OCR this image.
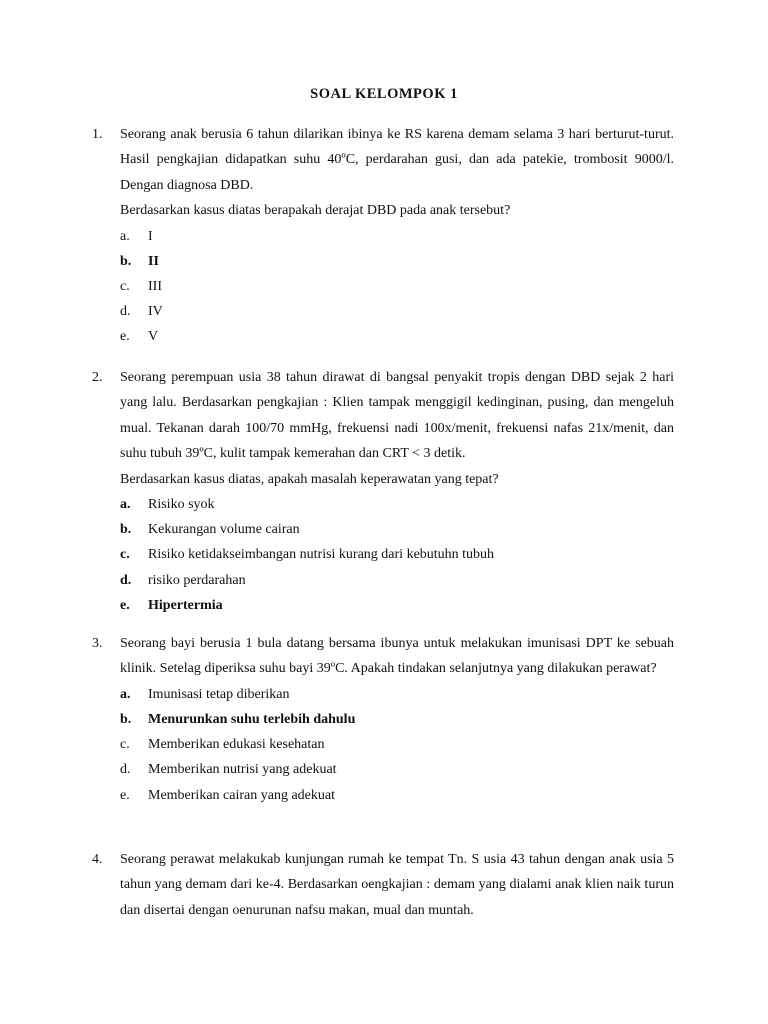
SOAL KELOMPOK 1
1. Seorang anak berusia 6 tahun dilarikan ibinya ke RS karena demam selama 3 hari berturut-turut. Hasil pengkajian didapatkan suhu 40ºC, perdarahan gusi, dan ada patekie, trombosit 9000/l. Dengan diagnosa DBD.
Berdasarkan kasus diatas berapakah derajat DBD pada anak tersebut?
a. I
b. II
c. III
d. IV
e. V
2. Seorang perempuan usia 38 tahun dirawat di bangsal penyakit tropis dengan DBD sejak 2 hari yang lalu. Berdasarkan pengkajian : Klien tampak menggigil kedinginan, pusing, dan mengeluh mual. Tekanan darah 100/70 mmHg, frekuensi nadi 100x/menit, frekuensi nafas 21x/menit, dan suhu tubuh 39ºC, kulit tampak kemerahan dan CRT < 3 detik.
Berdasarkan kasus diatas, apakah masalah keperawatan yang tepat?
a. Risiko syok
b. Kekurangan volume cairan
c. Risiko ketidakseimbangan nutrisi kurang dari kebutuhn tubuh
d. risiko perdarahan
e. Hipertermia
3. Seorang bayi berusia 1 bula datang bersama ibunya untuk melakukan imunisasi DPT ke sebuah klinik. Setelag diperiksa suhu bayi 39ºC. Apakah tindakan selanjutnya yang dilakukan perawat?
a. Imunisasi tetap diberikan
b. Menurunkan suhu terlebih dahulu
c. Memberikan edukasi kesehatan
d. Memberikan nutrisi yang adekuat
e. Memberikan cairan yang adekuat
4. Seorang perawat melakukab kunjungan rumah ke tempat Tn. S usia 43 tahun dengan anak usia 5 tahun yang demam dari ke-4. Berdasarkan oengkajian : demam yang dialami anak klien naik turun dan disertai dengan oenurunan nafsu makan, mual dan muntah.
